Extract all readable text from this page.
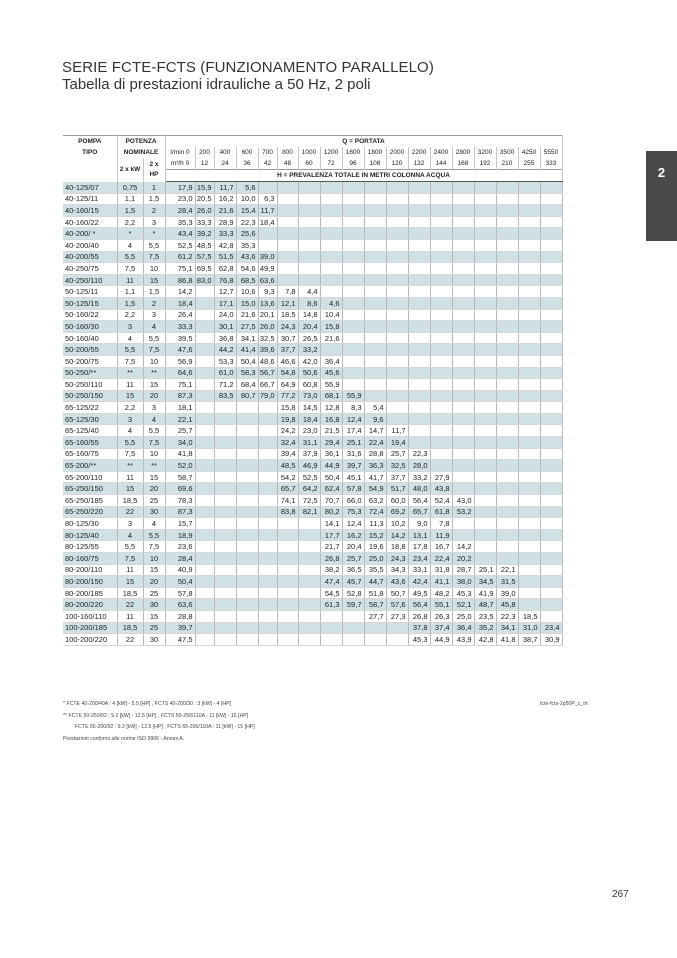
SERIE FCTE-FCTS (FUNZIONAMENTO PARALLELO)
Tabella di prestazioni idrauliche a 50 Hz, 2 poli
2
POMPA	POTENZA		Q = PORTATA																	
TIPO	NOMINALE		l/min 0	200	400	600	700	800	1000	1200	1600	1800	2000	2200	2400	2800	3200	3500	4250	5550
	2 x kW	2 x HP	m³/h 0	12	24	36	42	48	60	72	96	108	120	132	144	168	192	210	255	333
			H = PREVALENZA TOTALE IN METRI COLONNA ACQUA																	
40-125/07	0,75	1	17,9	15,9	11,7	5,6														
40-125/11	1,1	1,5	23,0	20,5	16,2	10,0	6,3													
40-160/15	1,5	2	28,4	26,0	21,6	15,4	11,7													
40-160/22	2,2	3	35,3	33,3	28,9	22,3	18,4													
40-200/ *	*	*	43,4	39,2	33,3	25,6														
40-200/40	4	5,5	52,5	48,5	42,8	35,3														
40-200/55	5,5	7,5	61,2	57,5	51,5	43,6	39,0													
40-250/75	7,5	10	75,1	69,5	62,8	54,6	49,9													
40-250/110	11	15	86,8	83,0	76,8	68,5	63,6													
50-125/11	1,1	1,5	14,2		12,7	10,6	9,3	7,8	4,4											
50-125/15	1,5	2	18,4		17,1	15,0	13,6	12,1	8,6	4,6										
50-160/22	2,2	3	26,4		24,0	21,6	20,1	18,5	14,8	10,4										
50-160/30	3	4	33,3		30,1	27,5	26,0	24,3	20,4	15,8										
50-160/40	4	5,5	39,5		36,8	34,1	32,5	30,7	26,5	21,6										
50-200/55	5,5	7,5	47,6		44,2	41,4	39,6	37,7	33,2											
50-200/75	7,5	10	56,9		53,3	50,4	48,6	46,6	42,0	36,4										
50-250/**	**	**	64,6		61,0	58,3	56,7	54,8	50,6	45,6										
50-250/110	11	15	75,1		71,2	68,4	66,7	64,9	60,8	55,9										
50-250/150	15	20	87,3		83,5	80,7	79,0	77,2	73,0	68,1	55,9									
65-125/22	2,2	3	18,1					15,8	14,5	12,8	8,3	5,4								
65-125/30	3	4	22,1					19,8	18,4	16,8	12,4	9,6								
65-125/40	4	5,5	25,7					24,2	23,0	21,5	17,4	14,7	11,7							
65-160/55	5,5	7,5	34,0					32,4	31,1	29,4	25,1	22,4	19,4							
65-160/75	7,5	10	41,8					39,4	37,9	36,1	31,6	28,8	25,7	22,3						
65-200/**	**	**	52,0					48,5	46,9	44,9	39,7	36,3	32,5	28,0						
65-200/110	11	15	58,7					54,2	52,5	50,4	45,1	41,7	37,7	33,2	27,9					
65-250/150	15	20	69,6					65,7	64,2	62,4	57,8	54,9	51,7	48,0	43,8					
65-250/185	18,5	25	78,3					74,1	72,5	70,7	66,0	63,2	60,0	56,4	52,4	43,0				
65-250/220	22	30	87,3					83,8	82,1	80,2	75,3	72,4	69,2	65,7	61,8	53,2				
80-125/30	3	4	15,7							14,1	12,4	11,3	10,2	9,0	7,8					
80-125/40	4	5,5	18,9							17,7	16,2	15,2	14,2	13,1	11,9					
80-125/55	5,5	7,5	23,6							21,7	20,4	19,6	18,8	17,8	16,7	14,2				
80-160/75	7,5	10	28,4							26,8	25,7	25,0	24,3	23,4	22,4	20,2				
80-200/110	11	15	40,9							38,2	36,5	35,5	34,3	33,1	31,8	28,7	25,1	22,1		
80-200/150	15	20	50,4							47,4	45,7	44,7	43,6	42,4	41,1	38,0	34,5	31,5		
80-200/185	18,5	25	57,8							54,5	52,8	51,8	50,7	49,5	48,2	45,3	41,9	39,0		
80-200/220	22	30	63,6							61,3	59,7	58,7	57,6	56,4	55,1	52,1	48,7	45,8		
100-160/110	11	15	28,8									27,7	27,3	26,8	26,3	25,0	23,5	22,3	18,5	
100-200/185	18,5	25	39,7											37,8	37,4	36,4	35,2	34,1	31,0	23,4
100-200/220	22	30	47,5											45,3	44,9	43,9	42,8	41,8	38,7	30,9
* FCTE 40-200/40A : 4 [kW] - 5.5 [HP] , FCTS 40-200/30 : 3 [kW] - 4 [HP]	fcte-fcts-2p50P_c_th
** FCTE 50-250/92 : 9.2 [kW] - 12.5 [HP] , FCTS 50-250/110A : 11 [kW] - 15 [HP]
FCTE 65-200/92 : 9.2 [kW] - 12.5 [HP] , FCTS 65-200/110A : 11 [kW] - 15 [HP]
Prestazioni conformi alle norme ISO 9906 - Annex A.
267
